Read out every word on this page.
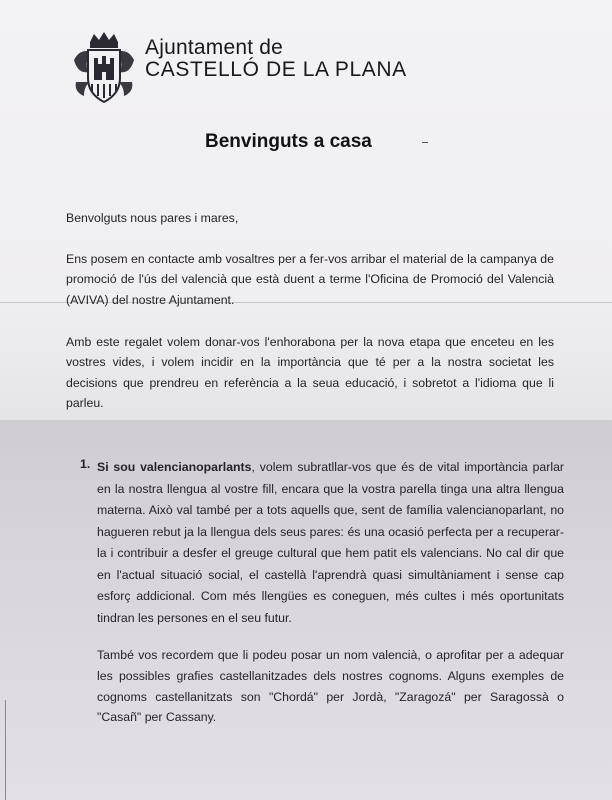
Ajuntament de
CASTELLÓ DE LA PLANA
Benvinguts a casa

Benvolguts nous pares i mares,

Ens posem en contacte amb vosaltres per a fer-vos arribar el material de la campanya de promoció de l'ús del valencià que està duent a terme l'Oficina de Promoció del Valencià (AVIVA) del nostre Ajuntament.

Amb este regalet volem donar-vos l'enhorabona per la nova etapa que enceteu en les vostres vides, i volem incidir en la importància que té per a la nostra societat les decisions que prendreu en referència a la seua educació, i sobretot a l'idioma que li parleu.

1. Si sou valencianoparlants, volem subratllar-vos que és de vital importància parlar en la nostra llengua al vostre fill, encara que la vostra parella tinga una altra llengua materna. Això val també per a tots aquells que, sent de família valencianoparlant, no hagueren rebut ja la llengua dels seus pares: és una ocasió perfecta per a recuperar-la i contribuir a desfer el greuge cultural que hem patit els valencians. No cal dir que en l'actual situació social, el castellà l'aprendrà quasi simultàniament i sense cap esforç addicional. Com més llengües es coneguen, més cultes i més oportunitats tindran les persones en el seu futur.

També vos recordem que li podeu posar un nom valencià, o aprofitar per a adequar les possibles grafies castellanitzades dels nostres cognoms. Alguns exemples de cognoms castellanitzats son "Chordá" per Jordà, "Zaragozá" per Saragossà o "Casañ" per Cassany.
